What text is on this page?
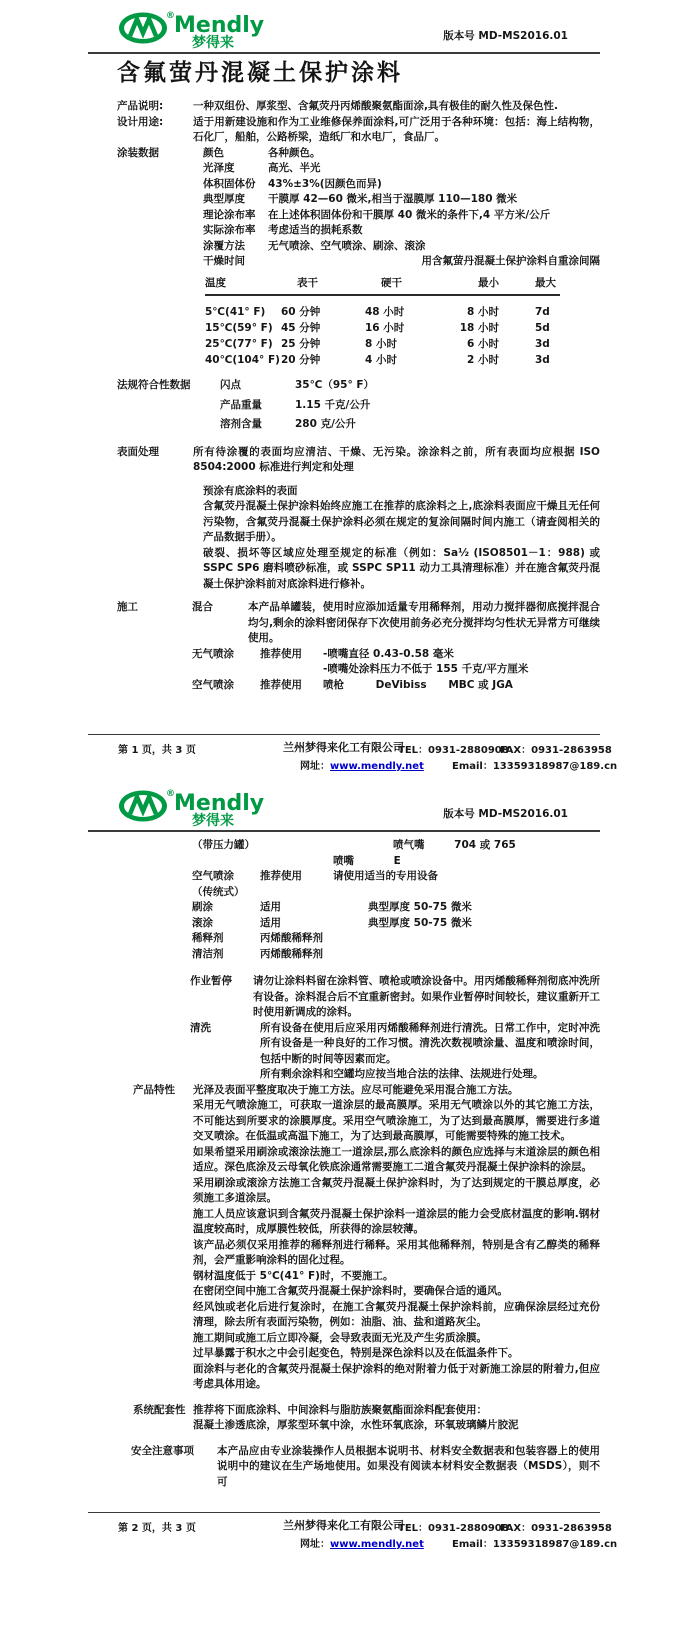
® Mendly
梦得来	版本号 MD-MS2016.01
含氟萤丹混凝土保护涂料
产品说明:	一种双组份、厚浆型、含氟荧丹丙烯酸聚氨酯面涂,具有极佳的耐久性及保色性.
设计用途:	适于用新建设施和作为工业维修保养面涂料,可广泛用于各种环境：包括：海上结构物，石化厂，船舶，公路桥梁，造纸厂和水电厂，食品厂。
涂装数据	颜色	各种颜色。
光泽度	高光、半光
体积固体份	43%±3%(因颜色而异)
典型厚度	干膜厚 42—60 微米,相当于湿膜厚 110—180 微米
理论涂布率	在上述体积固体份和干膜厚 40 微米的条件下,4 平方米/公斤
实际涂布率	考虑适当的损耗系数
涂覆方法	无气喷涂、空气喷涂、刷涂、滚涂
干燥时间	用含氟萤丹混凝土保护涂料自重涂间隔
温度	表干	硬干	最小	最大
5℃(41° F)	60 分钟	48 小时	8 小时	7d
15℃(59° F) 45 分钟	16 小时	18 小时	5d
25℃(77° F) 25 分钟	8 小时	6 小时	3d
40℃(104° F) 20 分钟	4 小时	2 小时	3d
法规符合性数据	闪点	35℃（95° F）
产品重量	1.15 千克/公升
溶剂含量	280 克/公升
表面处理	所有待涂覆的表面均应清洁、干燥、无污染。涂涂料之前，所有表面均应根据 ISO 8504:2000 标准进行判定和处理
预涂有底涂料的表面

含氟荧丹混凝土保护涂料始终应施工在推荐的底涂料之上,底涂料表面应干燥且无任何污染物，含氟荧丹混凝土保护涂料必须在规定的复涂间隔时间内施工（请查阅相关的产品数据手册）。

破裂、损坏等区域应处理至规定的标准（例如：Sa½ (ISO8501－1：988) 或 SSPC SP6 磨料喷砂标准，或 SSPC SP11 动力工具清理标准）并在施含氟荧丹混凝土保护涂料前对底涂料进行修补。

施工	混合	本产品单罐装，使用时应添加适量专用稀释剂，用动力搅拌器彻底搅拌混合均匀,剩余的涂料密闭保存下次使用前务必充分搅拌均匀性状无异常方可继续使用。
无气喷涂	推荐使用	-喷嘴直径 0.43-0.58 毫米
-喷嘴处涂料压力不低于 155 千克/平方厘米
空气喷涂	推荐使用	喷枪	DeVibiss MBC 或 JGA
第 1 页，共 3 页	兰州梦得来化工有限公司
TEL：0931-2880908
FAX：0931-2863958
网址：www.mendly.net	Email：13359318987@189.cn
® Mendly
梦得来	版本号 MD-MS2016.01
（带压力罐）	喷气嘴	704 或 765
喷嘴	E
空气喷涂	推荐使用	请使用适当的专用设备
（传统式）
刷涂	适用	典型厚度 50-75 微米
滚涂	适用	典型厚度 50-75 微米
稀释剂	丙烯酸稀释剂
清洁剂	丙烯酸稀释剂
作业暂停	请勿让涂料料留在涂料管、喷枪或喷涂设备中。用丙烯酸稀释剂彻底冲洗所有设备。涂料混合后不宜重新密封。如果作业暂停时间较长，建议重新开工时使用新调成的涂料。
清洗	所有设备在使用后应采用丙烯酸稀释剂进行清洗。日常工作中，定时冲洗所有设备是一种良好的工作习惯。清洗次数视喷涂量、温度和喷涂时间，包括中断的时间等因素而定。

所有剩余涂料和空罐均应按当地合法的法律、法规进行处理。

产品特性	光泽及表面平整度取决于施工方法。应尽可能避免采用混合施工方法。

采用无气喷涂施工，可获取一道涂层的最高膜厚。采用无气喷涂以外的其它施工方法，不可能达到所要求的涂膜厚度。采用空气喷涂施工，为了达到最高膜厚，需要进行多道交叉喷涂。在低温或高温下施工，为了达到最高膜厚，可能需要特殊的施工技术。

如果希望采用刷涂或滚涂法施工一道涂层,那么底涂料的颜色应选择与末道涂层的颜色相适应。深色底涂及云母氧化铁底涂通常需要施工二道含氟荧丹混凝土保护涂料的涂层。

采用刷涂或滚涂方法施工含氟荧丹混凝土保护涂料时，为了达到规定的干膜总厚度，必须施工多道涂层。

施工人员应该意识到含氟荧丹混凝土保护涂料一道涂层的能力会受底材温度的影响.钢材温度较高时，成厚膜性较低，所获得的涂层较薄。

该产品必须仅采用推荐的稀释剂进行稀释。采用其他稀释剂，特别是含有乙醇类的稀释剂，会严重影响涂料的固化过程。

钢材温度低于 5℃(41° F)时，不要施工。

在密闭空间中施工含氟荧丹混凝土保护涂料时，要确保合适的通风。

经风蚀或老化后进行复涂时，在施工含氟荧丹混凝土保护涂料前，应确保涂层经过充份清理，除去所有表面污染物，例如：油脂、油、盐和道路灰尘。

施工期间或施工后立即冷凝，会导致表面无光及产生劣质涂膜。

过早暴露于积水之中会引起变色，特别是深色涂料以及在低温条件下。

面涂料与老化的含氟荧丹混凝土保护涂料的绝对附着力低于对新施工涂层的附着力,但应考虑具体用途。

系统配套性 推荐将下面底涂料、中间涂料与脂肪族聚氨酯面涂料配套使用：

混凝土渗透底涂，厚浆型环氧中涂，水性环氧底涂，环氧玻璃鳞片胶泥

安全注意事项	本产品应由专业涂装操作人员根据本说明书、材料安全数据表和包装容器上的使用说明中的建议在生产场地使用。如果没有阅读本材料安全数据表（MSDS），则不可
第 2 页，共 3 页	兰州梦得来化工有限公司
TEL：0931-2880908
FAX：0931-2863958
网址：www.mendly.net	Email：13359318987@189.cn
